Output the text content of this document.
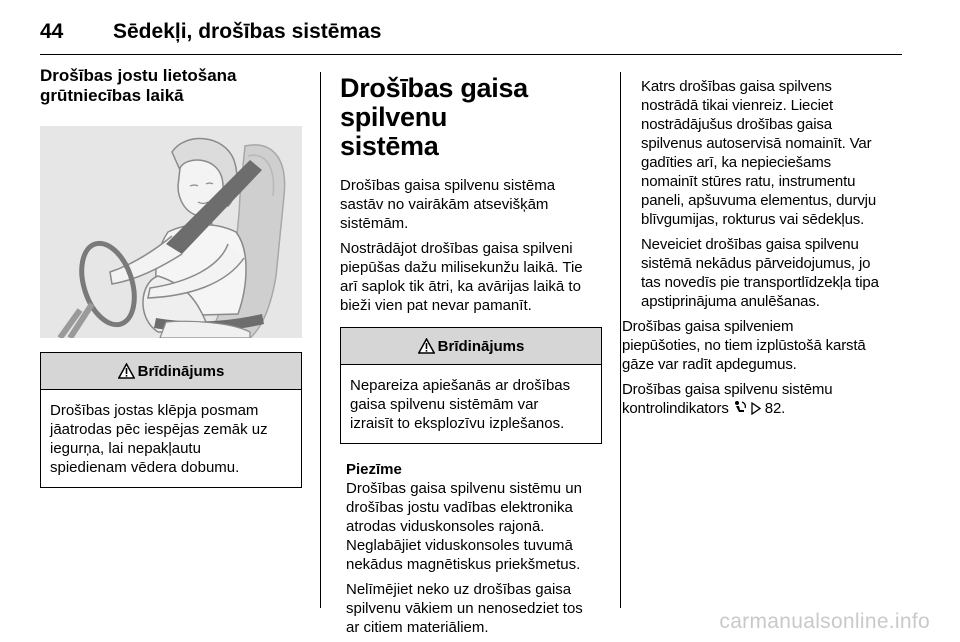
44 Sēdekļi, drošības sistēmas
Drošības jostu lietošana
grūtniecības laikā
Brīdinājums

Drošības jostas klēpja posmam
jāatrodas pēc iespējas zemāk uz
iegurņa, lai nepakļautu
spiedienam vēdera dobumu.

Drošības gaisa spilvenu
sistēma

Drošības gaisa spilvenu sistēma
sastāv no vairākām atsevišķām
sistēmām.

Nostrādājot drošības gaisa spilveni
piepūšas dažu milisekunžu laikā. Tie
arī saplok tik ātri, ka avārijas laikā to
bieži vien pat nevar pamanīt.

Brīdinājums

Nepareiza apiešanās ar drošības
gaisa spilvenu sistēmām var
izraisīt to eksplozīvu izplešanos.

Piezīme

Drošības gaisa spilvenu sistēmu un
drošības jostu vadības elektronika
atrodas viduskonsoles rajonā.
Neglabājiet viduskonsoles tuvumā
nekādus magnētiskus priekšmetus.

Nelīmējiet neko uz drošības gaisa
spilvenu vākiem un nenosedziet tos
ar citiem materiāliem.

Katrs drošības gaisa spilvens
nostrādā tikai vienreiz. Lieciet
nostrādājušus drošības gaisa
spilvenus autoservisā nomainīt. Var
gadīties arī, ka nepieciešams
nomainīt stūres ratu, instrumentu
paneli, apšuvuma elementus, durvju
blīvgumijas, rokturus vai sēdekļus.

Neveiciet drošības gaisa spilvenu
sistēmā nekādus pārveidojumus, jo
tas novedīs pie transportlīdzekļa tipa
apstiprinājuma anulēšanas.

Drošības gaisa spilveniem
piepūšoties, no tiem izplūstošā karstā
gāze var radīt apdegumus.

Drošības gaisa spilvenu sistēmu
kontrolindikators 82.

carmanualsonline.info
